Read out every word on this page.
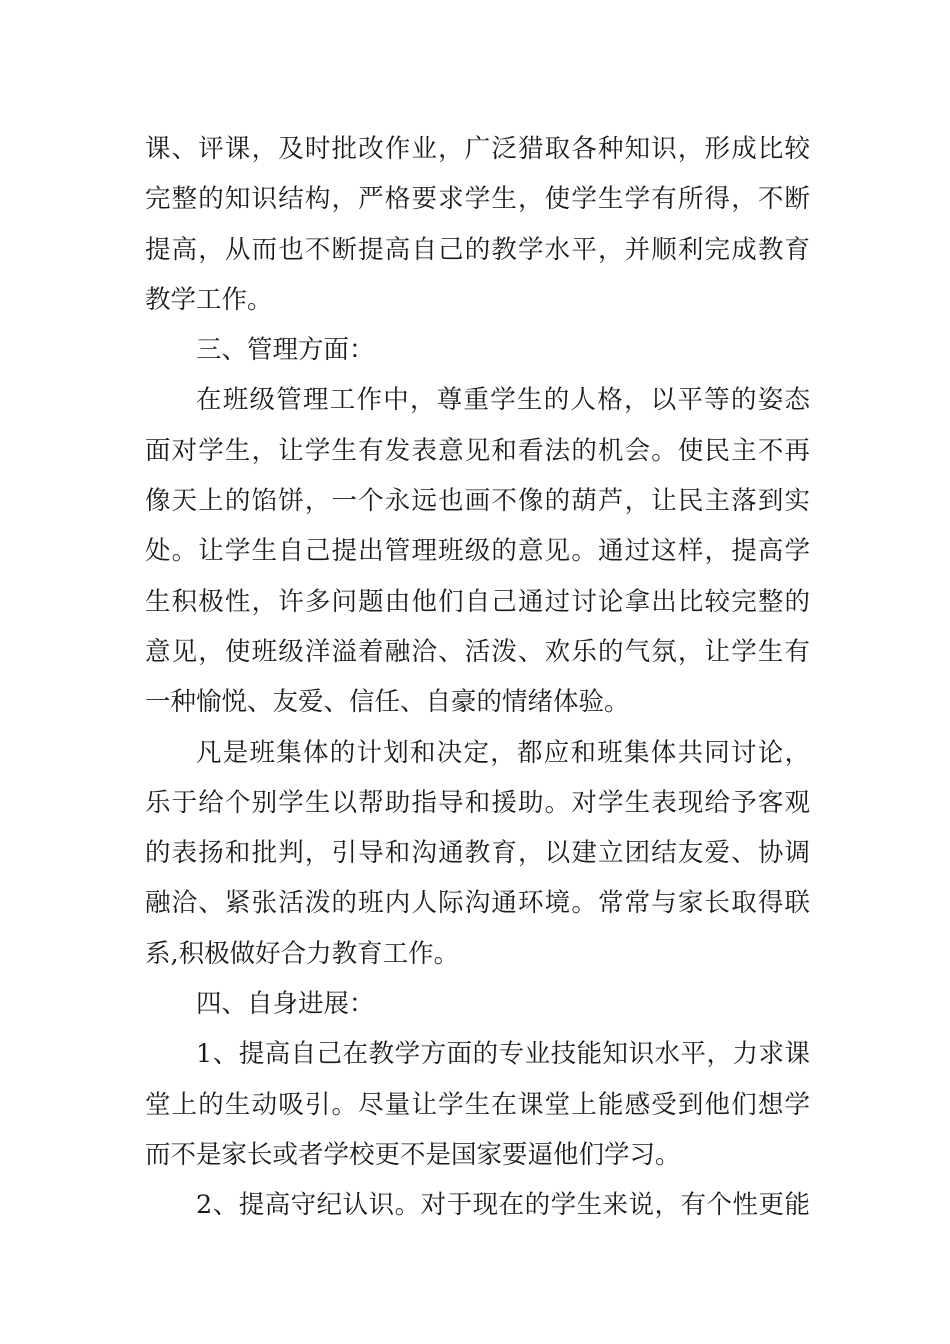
课、评课，及时批改作业，广泛猎取各种知识，形成比较
完整的知识结构，严格要求学生，使学生学有所得，不断
提高，从而也不断提高自己的教学水平，并顺利完成教育
教学工作。
三、管理方面：
在班级管理工作中，尊重学生的人格，以平等的姿态
面对学生，让学生有发表意见和看法的机会。使民主不再
像天上的馅饼，一个永远也画不像的葫芦，让民主落到实
处。让学生自己提出管理班级的意见。通过这样，提高学
生积极性，许多问题由他们自己通过讨论拿出比较完整的
意见，使班级洋溢着融洽、活泼、欢乐的气氛，让学生有
一种愉悦、友爱、信任、自豪的情绪体验。
凡是班集体的计划和决定，都应和班集体共同讨论，
乐于给个别学生以帮助指导和援助。对学生表现给予客观
的表扬和批判，引导和沟通教育，以建立团结友爱、协调
融洽、紧张活泼的班内人际沟通环境。常常与家长取得联
系,积极做好合力教育工作。
四、自身进展：
1、提高自己在教学方面的专业技能知识水平，力求课
堂上的生动吸引。尽量让学生在课堂上能感受到他们想学
而不是家长或者学校更不是国家要逼他们学习。
2、提高守纪认识。对于现在的学生来说，有个性更能
